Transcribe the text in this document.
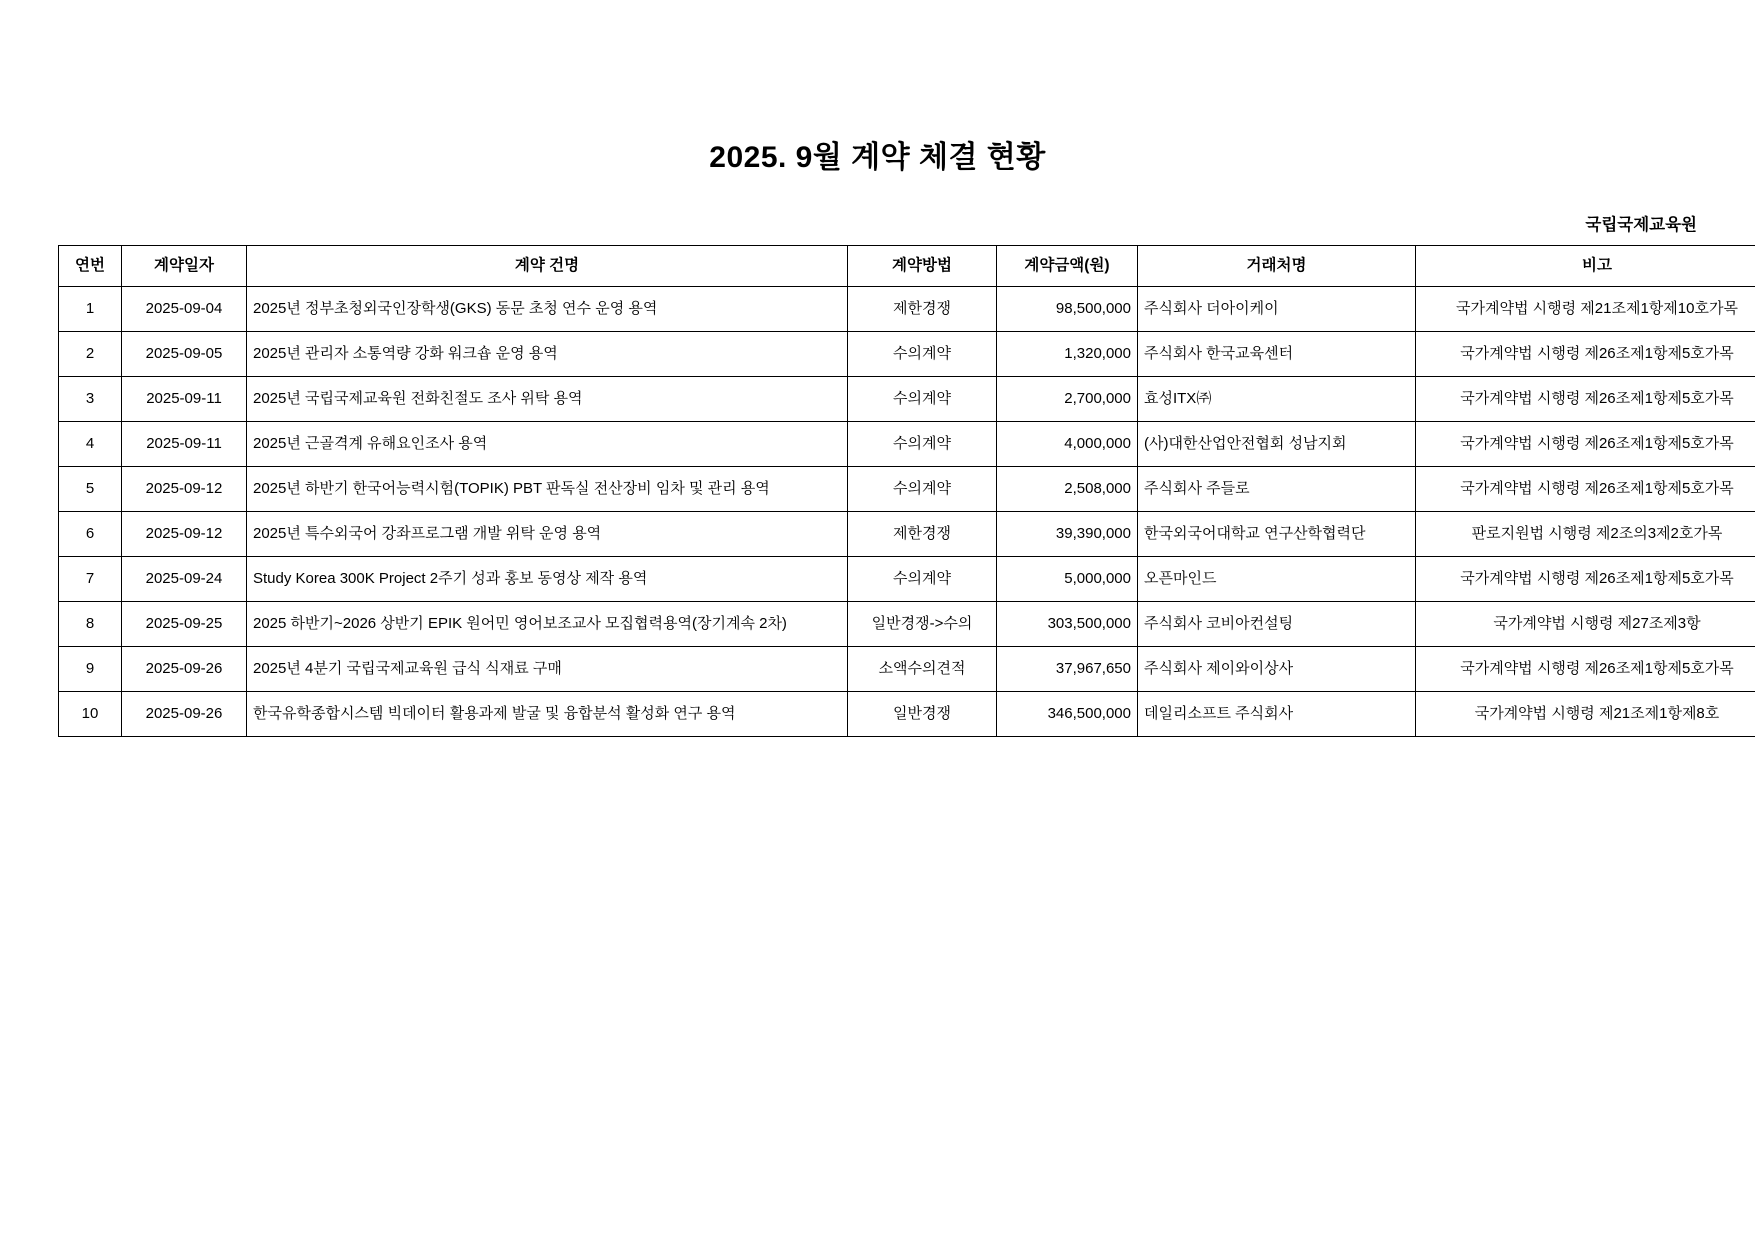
2025. 9월 계약 체결 현황
국립국제교육원
연번	계약일자	계약 건명	계약방법	계약금액(원)	거래처명	비고
1	2025-09-04	2025년 정부초청외국인장학생(GKS) 동문 초청 연수 운영 용역	제한경쟁	98,500,000	주식회사 더아이케이	국가계약법 시행령 제21조제1항제10호가목
2	2025-09-05	2025년 관리자 소통역량 강화 워크숍 운영 용역	수의계약	1,320,000	주식회사 한국교육센터	국가계약법 시행령 제26조제1항제5호가목
3	2025-09-11	2025년 국립국제교육원 전화친절도 조사 위탁 용역	수의계약	2,700,000	효성ITX㈜	국가계약법 시행령 제26조제1항제5호가목
4	2025-09-11	2025년 근골격계 유해요인조사 용역	수의계약	4,000,000	(사)대한산업안전협회 성남지회	국가계약법 시행령 제26조제1항제5호가목
5	2025-09-12	2025년 하반기 한국어능력시험(TOPIK) PBT 판독실 전산장비 임차 및 관리 용역	수의계약	2,508,000	주식회사 주들로	국가계약법 시행령 제26조제1항제5호가목
6	2025-09-12	2025년 특수외국어 강좌프로그램 개발 위탁 운영 용역	제한경쟁	39,390,000	한국외국어대학교 연구산학협력단	판로지원법 시행령 제2조의3제2호가목
7	2025-09-24	Study Korea 300K Project 2주기 성과 홍보 동영상 제작 용역	수의계약	5,000,000	오픈마인드	국가계약법 시행령 제26조제1항제5호가목
8	2025-09-25	2025 하반기~2026 상반기 EPIK 원어민 영어보조교사 모집협력용역(장기계속 2차)	일반경쟁->수의	303,500,000	주식회사 코비아컨설팅	국가계약법 시행령 제27조제3항
9	2025-09-26	2025년 4분기 국립국제교육원 급식 식재료 구매	소액수의견적	37,967,650	주식회사 제이와이상사	국가계약법 시행령 제26조제1항제5호가목
10	2025-09-26	한국유학종합시스템 빅데이터 활용과제 발굴 및 융합분석 활성화 연구 용역	일반경쟁	346,500,000	데일리소프트 주식회사	국가계약법 시행령 제21조제1항제8호
